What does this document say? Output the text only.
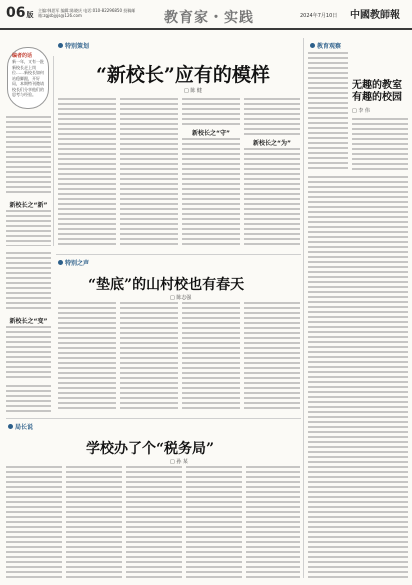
06版
主编:韩思军 编辑:陈晓庆 电话:010-82296850 投稿邮箱:zgjsbjyjs@126.com	教育家・实践	2024年7月10日 中國教師報
特别策划	教育观察
编者的话
新一年，又有一批新校长走上岗位……新校长如何站稳脚跟，开好局，本期特刊邀请校长们分享他们的思考与经验。
新校长之“新”
“新校长”应有的模样
□ 陈 健
新校长之“守”
新校长之“为”
新校长之“变”
特别之声
“垫底”的山村校也有春天
□ 陈志强
局长说
学校办了个“税务局”
□ 孙 某
无趣的教室
有趣的校园
□ 李 伟
